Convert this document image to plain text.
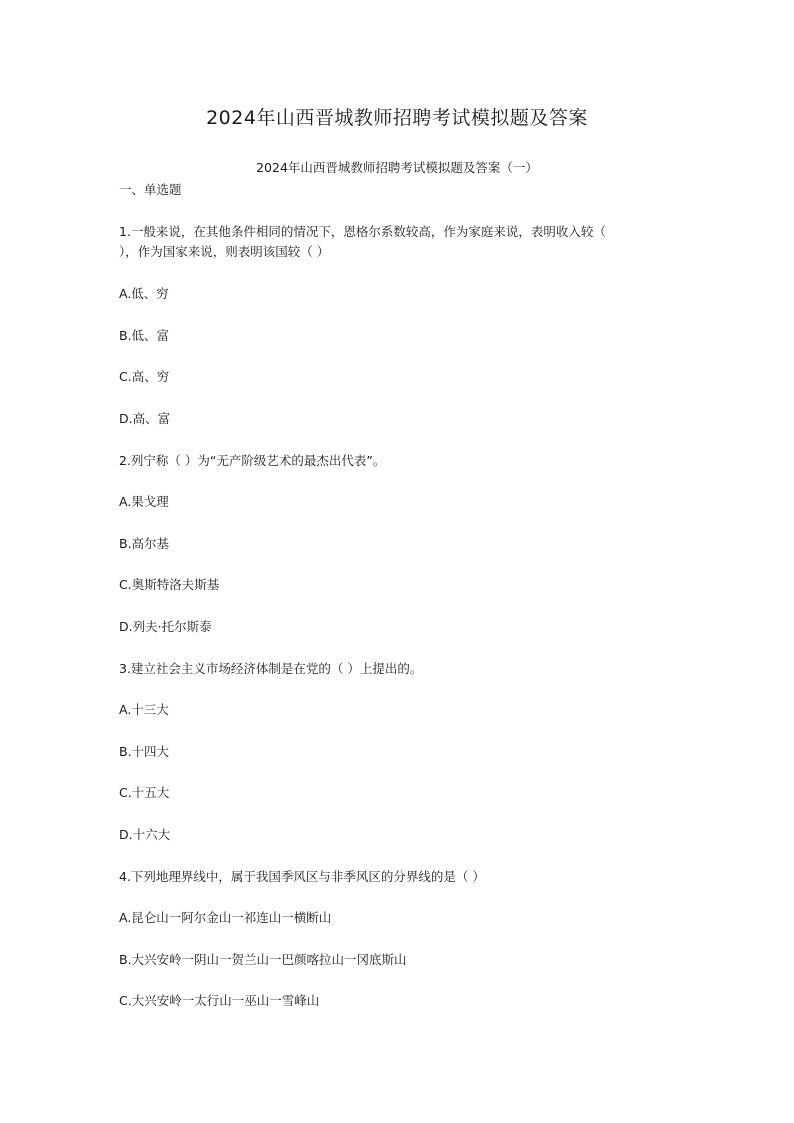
2024年山西晋城教师招聘考试模拟题及答案
2024年山西晋城教师招聘考试模拟题及答案（一）
一、单选题
1.一般来说，在其他条件相同的情况下，恩格尔系数较高，作为家庭来说，表明收入较（
），作为国家来说，则表明该国较（ ）
A.低、穷
B.低、富
C.高、穷
D.高、富
2.列宁称（ ）为“无产阶级艺术的最杰出代表”。
A.果戈理
B.高尔基
C.奥斯特洛夫斯基
D.列夫·托尔斯泰
3.建立社会主义市场经济体制是在党的（ ）上提出的。
A.十三大
B.十四大
C.十五大
D.十六大
4.下列地理界线中，属于我国季风区与非季风区的分界线的是（ ）
A.昆仑山一阿尔金山一祁连山一横断山
B.大兴安岭一阴山一贺兰山一巴颜喀拉山一冈底斯山
C.大兴安岭一太行山一巫山一雪峰山
